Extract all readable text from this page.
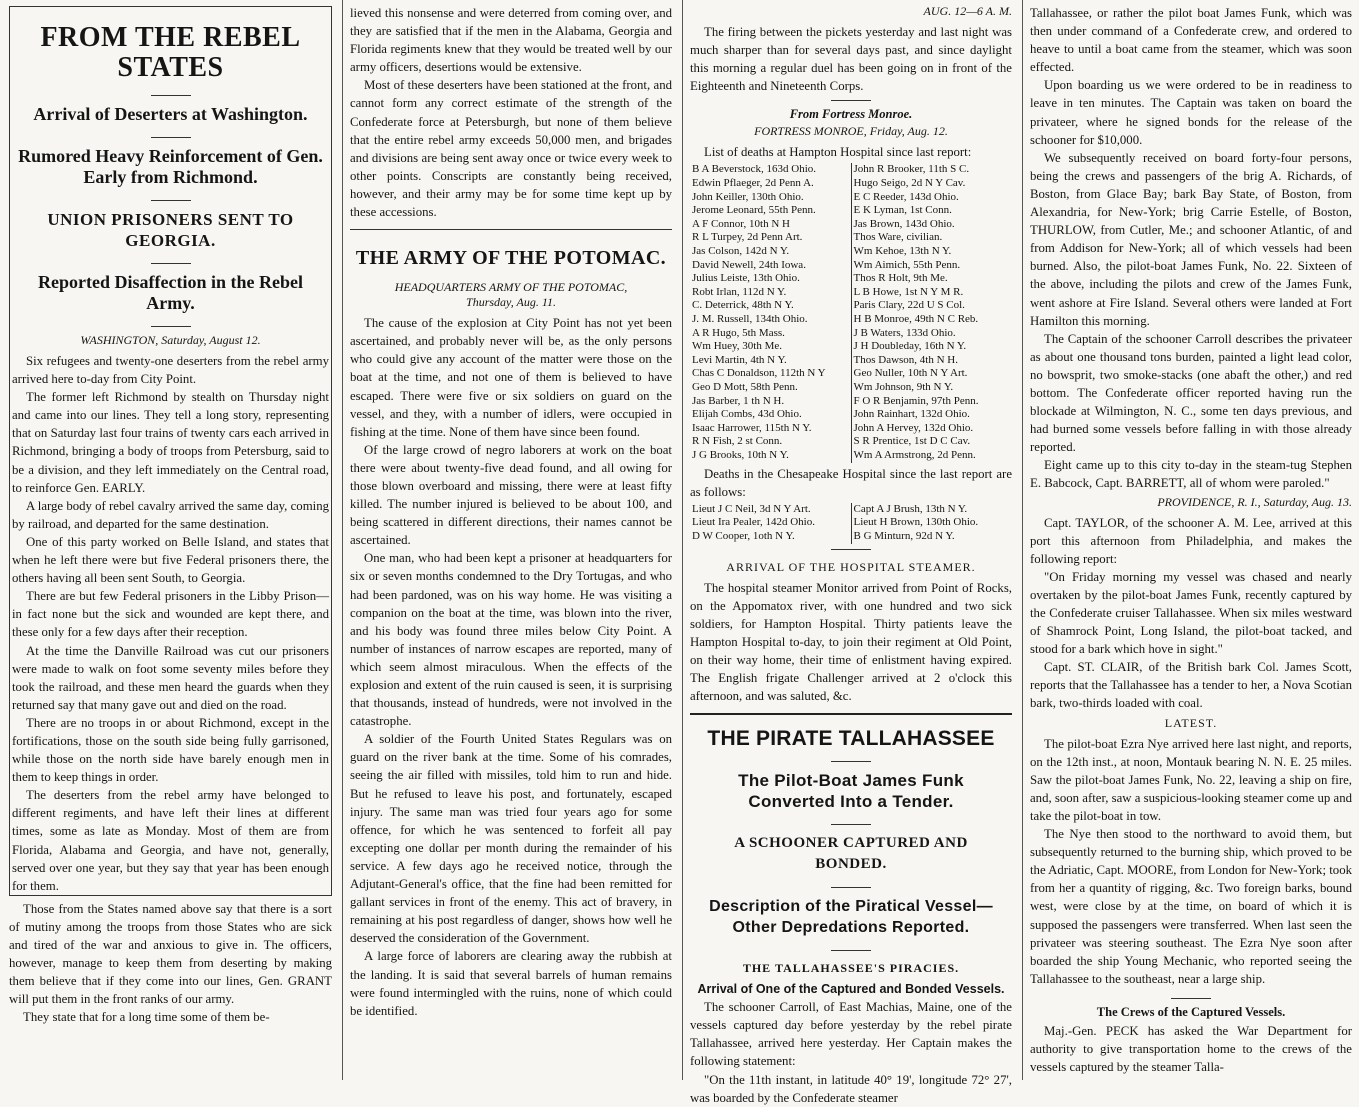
FROM THE REBEL STATES
Arrival of Deserters at Washington.
Rumored Heavy Reinforcement of Gen. Early from Richmond.
UNION PRISONERS SENT TO GEORGIA.
Reported Disaffection in the Rebel Army.
WASHINGTON, Saturday, August 12.

Six refugees and twenty-one deserters from the rebel army arrived here to-day from City Point.

The former left Richmond by stealth on Thursday night and came into our lines. They tell a long story, representing that on Saturday last four trains of twenty cars each arrived in Richmond, bringing a body of troops from Petersburg, said to be a division, and they left immediately on the Central road, to reinforce Gen. EARLY.

A large body of rebel cavalry arrived the same day, coming by railroad, and departed for the same destination.

One of this party worked on Belle Island, and states that when he left there were but five Federal prisoners there, the others having all been sent South, to Georgia.

There are but few Federal prisoners in the Libby Prison—in fact none but the sick and wounded are kept there, and these only for a few days after their reception.

At the time the Danville Railroad was cut our prisoners were made to walk on foot some seventy miles before they took the railroad, and these men heard the guards when they returned say that many gave out and died on the road.

There are no troops in or about Richmond, except in the fortifications, those on the south side being fully garrisoned, while those on the north side have barely enough men in them to keep things in order.

The deserters from the rebel army have belonged to different regiments, and have left their lines at different times, some as late as Monday. Most of them are from Florida, Alabama and Georgia, and have not, generally, served over one year, but they say that year has been enough for them.

Those from the States named above say that there is a sort of mutiny among the troops from those States who are sick and tired of the war and anxious to give in. The officers, however, manage to keep them from deserting by making them believe that if they come into our lines, Gen. GRANT will put them in the front ranks of our army.

They state that for a long time some of them be-

lieved this nonsense and were deterred from coming over, and they are satisfied that if the men in the Alabama, Georgia and Florida regiments knew that they would be treated well by our army officers, desertions would be extensive.

Most of these deserters have been stationed at the front, and cannot form any correct estimate of the strength of the Confederate force at Petersburgh, but none of them believe that the entire rebel army exceeds 50,000 men, and brigades and divisions are being sent away once or twice every week to other points. Conscripts are constantly being received, however, and their army may be for some time kept up by these accessions.

THE ARMY OF THE POTOMAC.
HEADQUARTERS ARMY OF THE POTOMAC,
Thursday, Aug. 11.

The cause of the explosion at City Point has not yet been ascertained, and probably never will be, as the only persons who could give any account of the matter were those on the boat at the time, and not one of them is believed to have escaped. There were five or six soldiers on guard on the vessel, and they, with a number of idlers, were occupied in fishing at the time. None of them have since been found.

Of the large crowd of negro laborers at work on the boat there were about twenty-five dead found, and all owing for those blown overboard and missing, there were at least fifty killed. The number injured is believed to be about 100, and being scattered in different directions, their names cannot be ascertained.

One man, who had been kept a prisoner at headquarters for six or seven months condemned to the Dry Tortugas, and who had been pardoned, was on his way home. He was visiting a companion on the boat at the time, was blown into the river, and his body was found three miles below City Point. A number of instances of narrow escapes are reported, many of which seem almost miraculous. When the effects of the explosion and extent of the ruin caused is seen, it is surprising that thousands, instead of hundreds, were not involved in the catastrophe.

A soldier of the Fourth United States Regulars was on guard on the river bank at the time. Some of his comrades, seeing the air filled with missiles, told him to run and hide. But he refused to leave his post, and fortunately, escaped injury. The same man was tried four years ago for some offence, for which he was sentenced to forfeit all pay excepting one dollar per month during the remainder of his service. A few days ago he received notice, through the Adjutant-General's office, that the fine had been remitted for gallant services in front of the enemy. This act of bravery, in remaining at his post regardless of danger, shows how well he deserved the consideration of the Government.

A large force of laborers are clearing away the rubbish at the landing. It is said that several barrels of human remains were found intermingled with the ruins, none of which could be identified.

AUG. 12—6 A. M.

The firing between the pickets yesterday and last night was much sharper than for several days past, and since daylight this morning a regular duel has been going on in front of the Eighteenth and Nineteenth Corps.

From Fortress Monroe.
FORTRESS MONROE, Friday, Aug. 12.

List of deaths at Hampton Hospital since last report:

B A Beverstock, 163d Ohio.	John R Brooker, 11th S C.
Edwin Pflaeger, 2d Penn A.	Hugo Seigo, 2d N Y Cav.
John Keiller, 130th Ohio.	E C Reeder, 143d Ohio.
Jerome Leonard, 55th Penn.	E K Lyman, 1st Conn.
A F Connor, 10th N H	Jas Brown, 143d Ohio.
R L Turpey, 2d Penn Art.	Thos Ware, civilian.
Jas Colson, 142d N Y.	Wm Kehoe, 13th N Y.
David Newell, 24th Iowa.	Wm Aimich, 55th Penn.
Julius Leiste, 13th Ohio.	Thos R Holt, 9th Me.
Robt Irlan, 112d N Y.	L B Howe, 1st N Y M R.
C. Deterrick, 48th N Y.	Paris Clary, 22d U S Col.
J. M. Russell, 134th Ohio.	H B Monroe, 49th N C Reb.
A R Hugo, 5th Mass.	J B Waters, 133d Ohio.
Wm Huey, 30th Me.	J H Doubleday, 16th N Y.
Levi Martin, 4th N Y.	Thos Dawson, 4th N H.
Chas C Donaldson, 112th N Y	Geo Nuller, 10th N Y Art.
Geo D Mott, 58th Penn.	Wm Johnson, 9th N Y.
Jas Barber, 1 th N H.	F O R Benjamin, 97th Penn.
Elijah Combs, 43d Ohio.	John Rainhart, 132d Ohio.
Isaac Harrower, 115th N Y.	John A Hervey, 132d Ohio.
R N Fish, 2 st Conn.	S R Prentice, 1st D C Cav.
J G Brooks, 10th N Y.	Wm A Armstrong, 2d Penn.

Deaths in the Chesapeake Hospital since the last report are as follows:

Lieut J C Neil, 3d N Y Art.	Capt A J Brush, 13th N Y.
Lieut Ira Pealer, 142d Ohio.	Lieut H Brown, 130th Ohio.
D W Cooper, 1oth N Y.	B G Minturn, 92d N Y.
ARRIVAL OF THE HOSPITAL STEAMER.

The hospital steamer Monitor arrived from Point of Rocks, on the Appomatox river, with one hundred and two sick soldiers, for Hampton Hospital. Thirty patients leave the Hampton Hospital to-day, to join their regiment at Old Point, on their way home, their time of enlistment having expired. The English frigate Challenger arrived at 2 o'clock this afternoon, and was saluted, &c.

THE PIRATE TALLAHASSEE
The Pilot-Boat James Funk Converted Into a Tender.
A SCHOONER CAPTURED AND BONDED.
Description of the Piratical Vessel—Other Depredations Reported.
THE TALLAHASSEE'S PIRACIES.
Arrival of One of the Captured and Bonded Vessels.

The schooner Carroll, of East Machias, Maine, one of the vessels captured day before yesterday by the rebel pirate Tallahassee, arrived here yesterday. Her Captain makes the following statement:

"On the 11th instant, in latitude 40° 19', longitude 72° 27', was boarded by the Confederate steamer

Tallahassee, or rather the pilot boat James Funk, which was then under command of a Confederate crew, and ordered to heave to until a boat came from the steamer, which was soon effected.

Upon boarding us we were ordered to be in readiness to leave in ten minutes. The Captain was taken on board the privateer, where he signed bonds for the release of the schooner for $10,000.

We subsequently received on board forty-four persons, being the crews and passengers of the brig A. Richards, of Boston, from Glace Bay; bark Bay State, of Boston, from Alexandria, for New-York; brig Carrie Estelle, of Boston, THURLOW, from Cutler, Me.; and schooner Atlantic, of and from Addison for New-York; all of which vessels had been burned. Also, the pilot-boat James Funk, No. 22. Sixteen of the above, including the pilots and crew of the James Funk, went ashore at Fire Island. Several others were landed at Fort Hamilton this morning.

The Captain of the schooner Carroll describes the privateer as about one thousand tons burden, painted a light lead color, no bowsprit, two smoke-stacks (one abaft the other,) and red bottom. The Confederate officer reported having run the blockade at Wilmington, N. C., some ten days previous, and had burned some vessels before falling in with those already reported.

Eight came up to this city to-day in the steam-tug Stephen E. Babcock, Capt. BARRETT, all of whom were paroled."

PROVIDENCE, R. I., Saturday, Aug. 13.

Capt. TAYLOR, of the schooner A. M. Lee, arrived at this port this afternoon from Philadelphia, and makes the following report:

"On Friday morning my vessel was chased and nearly overtaken by the pilot-boat James Funk, recently captured by the Confederate cruiser Tallahassee. When six miles westward of Shamrock Point, Long Island, the pilot-boat tacked, and stood for a bark which hove in sight."

Capt. ST. CLAIR, of the British bark Col. James Scott, reports that the Tallahassee has a tender to her, a Nova Scotian bark, two-thirds loaded with coal.

LATEST.

The pilot-boat Ezra Nye arrived here last night, and reports, on the 12th inst., at noon, Montauk bearing N. N. E. 25 miles. Saw the pilot-boat James Funk, No. 22, leaving a ship on fire, and, soon after, saw a suspicious-looking steamer come up and take the pilot-boat in tow.

The Nye then stood to the northward to avoid them, but subsequently returned to the burning ship, which proved to be the Adriatic, Capt. MOORE, from London for New-York; took from her a quantity of rigging, &c. Two foreign barks, bound west, were close by at the time, on board of which it is supposed the passengers were transferred. When last seen the privateer was steering southeast. The Ezra Nye soon after boarded the ship Young Mechanic, who reported seeing the Tallahassee to the southeast, near a large ship.

The Crews of the Captured Vessels.

Maj.-Gen. PECK has asked the War Department for authority to give transportation home to the crews of the vessels captured by the steamer Talla-
